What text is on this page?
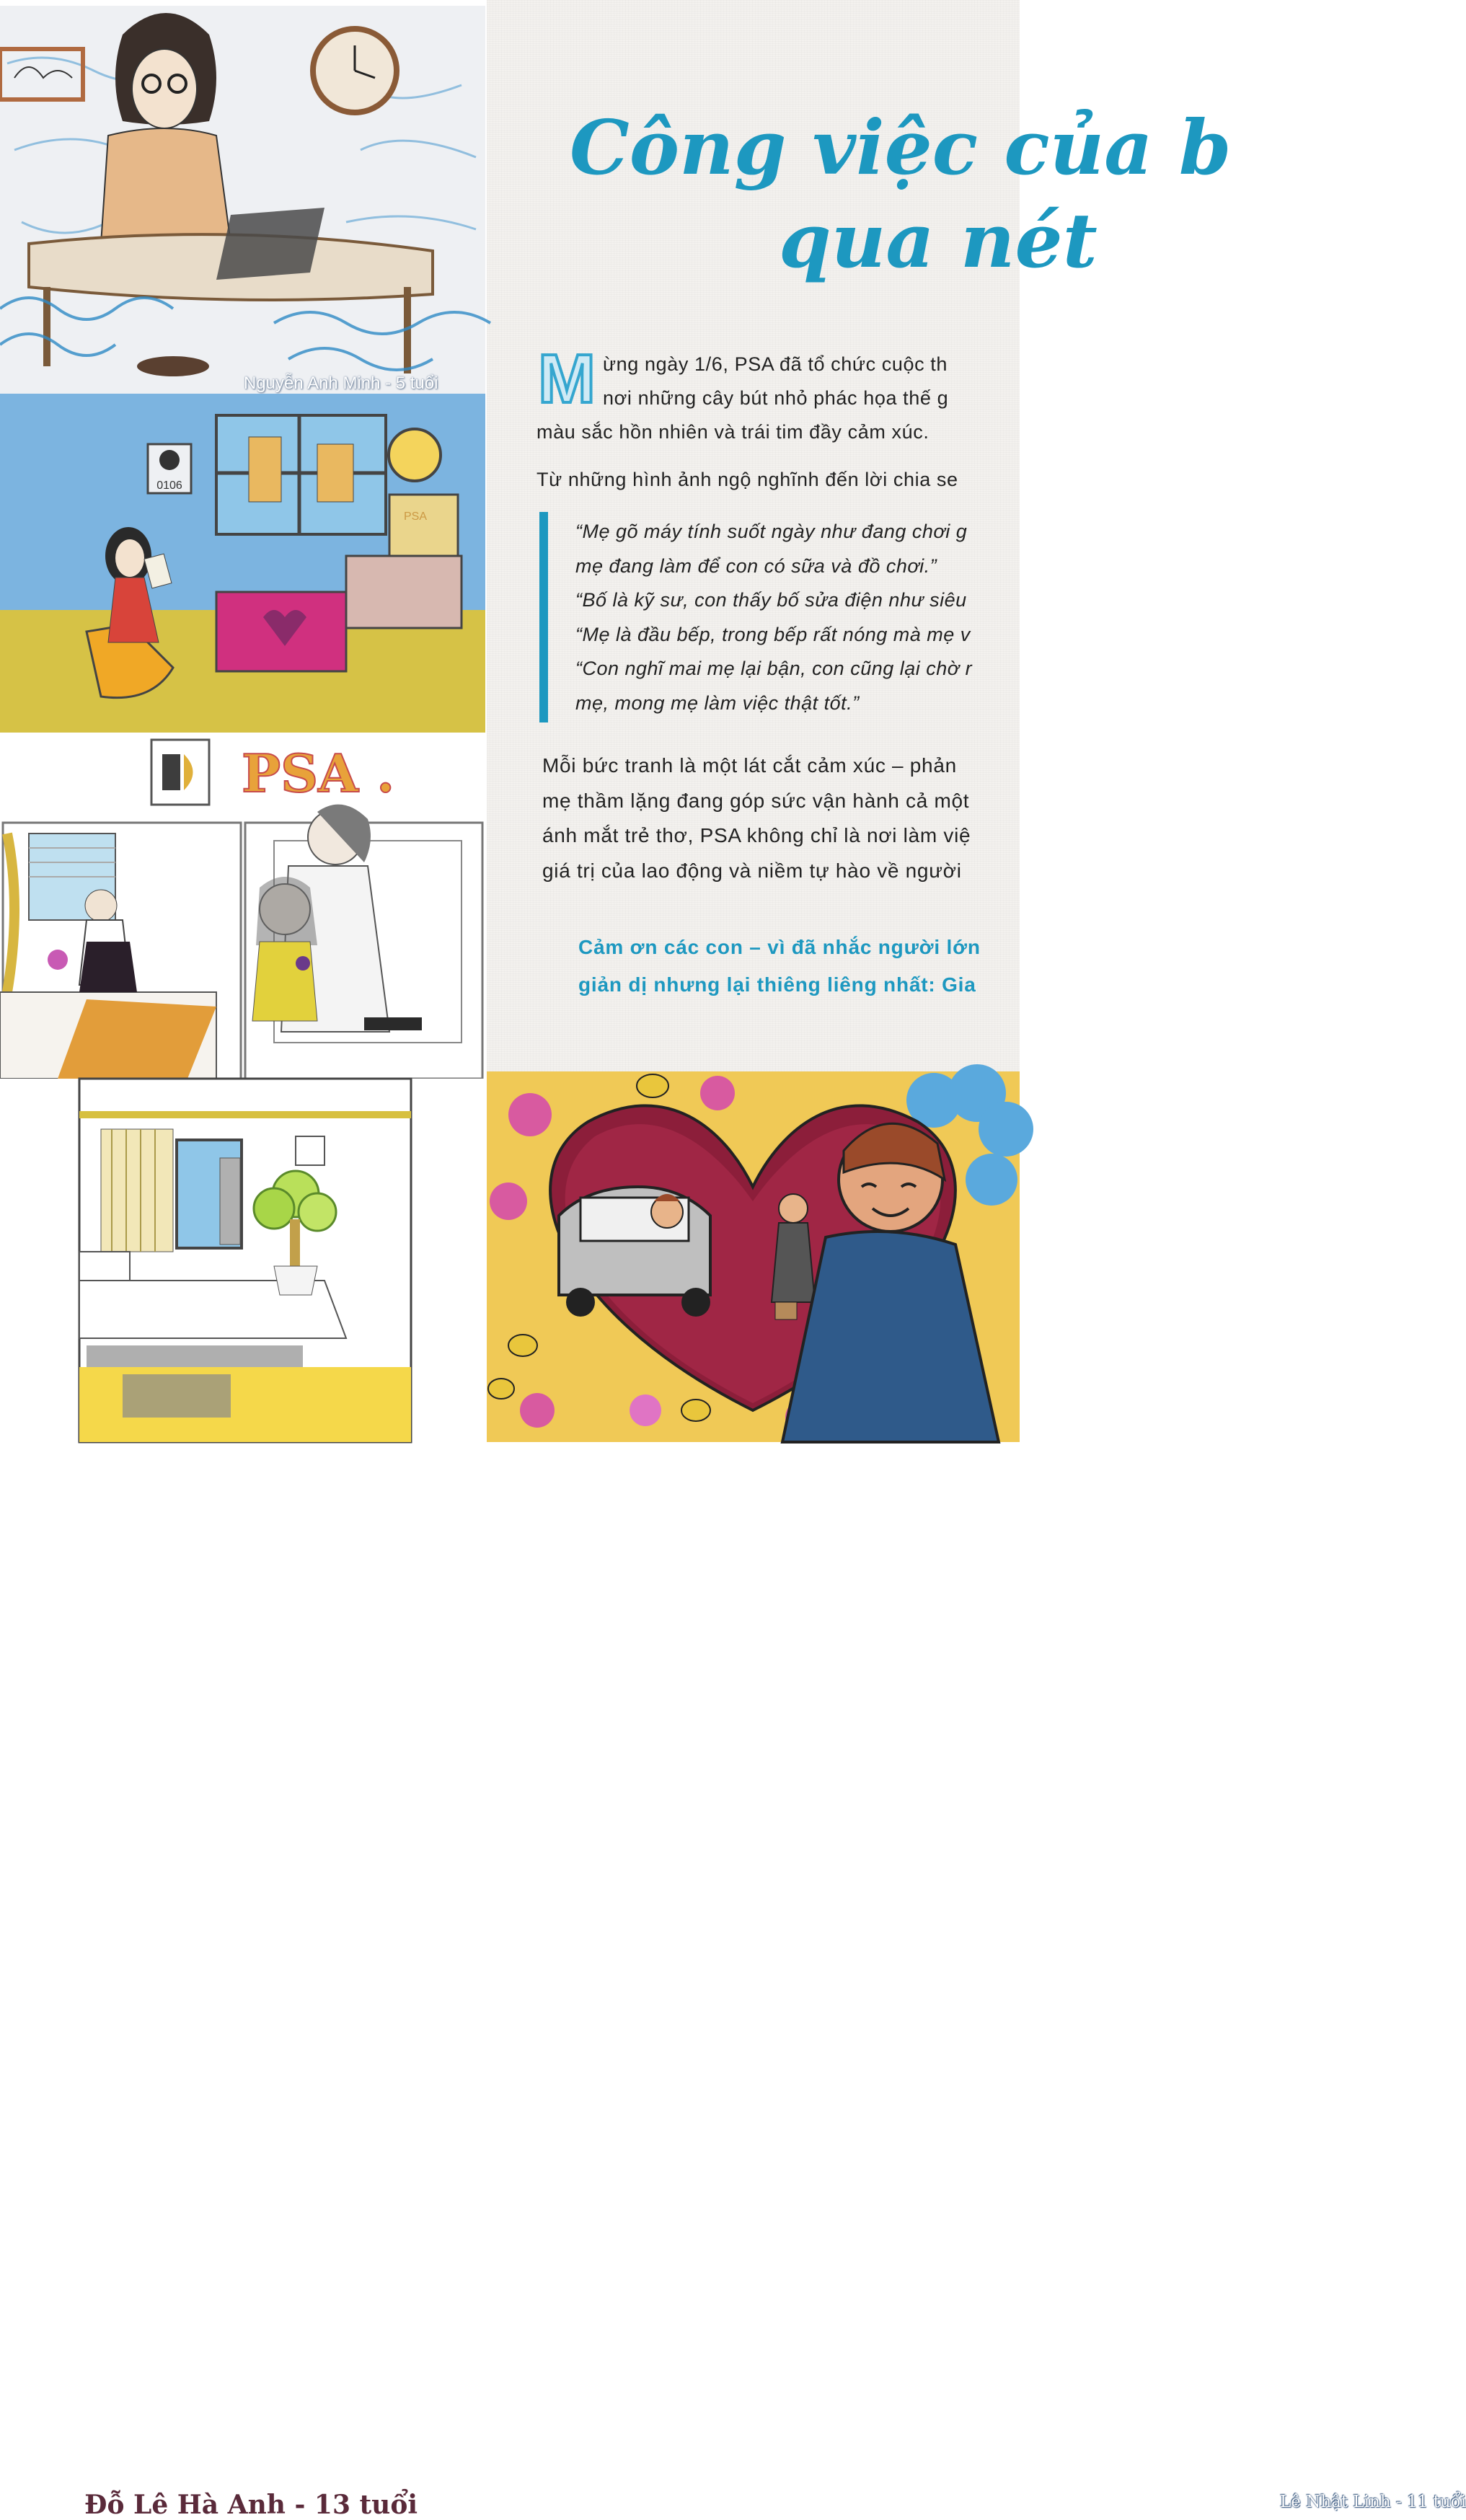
Nguyễn Anh Minh - 5 tuổi
0106
PSA
PSA .
Đỗ Lê Hà Anh - 13 tuổi	Lê Nhật Linh - 11 tuổi
Công việc của b
qua nét
M ừng ngày 1/6, PSA đã tổ chức cuộc th
nơi những cây bút nhỏ phác họa thế g
màu sắc hồn nhiên và trái tim đầy cảm xúc.
Từ những hình ảnh ngộ nghĩnh đến lời chia se
“Mẹ gõ máy tính suốt ngày như đang chơi g
mẹ đang làm để con có sữa và đồ chơi.”
“Bố là kỹ sư, con thấy bố sửa điện như siêu
“Mẹ là đầu bếp, trong bếp rất nóng mà mẹ v
“Con nghĩ mai mẹ lại bận, con cũng lại chờ r
mẹ, mong mẹ làm việc thật tốt.”
Mỗi bức tranh là một lát cắt cảm xúc – phản
mẹ thầm lặng đang góp sức vận hành cả một
ánh mắt trẻ thơ, PSA không chỉ là nơi làm việ
giá trị của lao động và niềm tự hào về người
Cảm ơn các con – vì đã nhắc người lớn
giản dị nhưng lại thiêng liêng nhất: Gia
